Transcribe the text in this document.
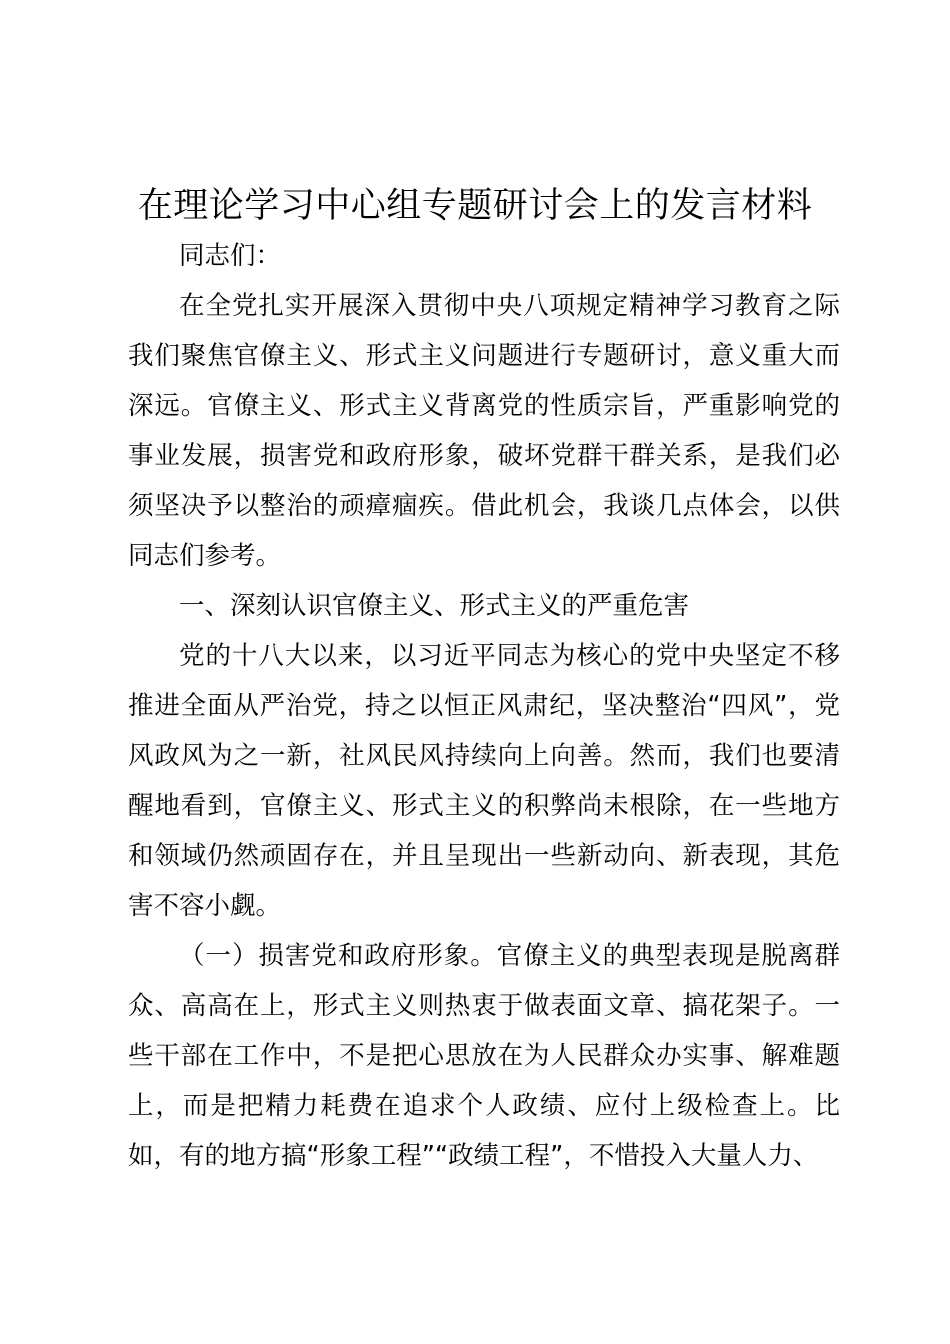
在理论学习中心组专题研讨会上的发言材料

同志们：

在全党扎实开展深入贯彻中央八项规定精神学习教育之际我们聚焦官僚主义、形式主义问题进行专题研讨，意义重大而深远。官僚主义、形式主义背离党的性质宗旨，严重影响党的事业发展，损害党和政府形象，破坏党群干群关系，是我们必须坚决予以整治的顽瘴痼疾。借此机会，我谈几点体会，以供同志们参考。

一、深刻认识官僚主义、形式主义的严重危害

党的十八大以来，以习近平同志为核心的党中央坚定不移推进全面从严治党，持之以恒正风肃纪，坚决整治“四风”，党风政风为之一新，社风民风持续向上向善。然而，我们也要清醒地看到，官僚主义、形式主义的积弊尚未根除，在一些地方和领域仍然顽固存在，并且呈现出一些新动向、新表现，其危害不容小觑。

（一）损害党和政府形象。官僚主义的典型表现是脱离群众、高高在上，形式主义则热衷于做表面文章、搞花架子。一些干部在工作中，不是把心思放在为人民群众办实事、解难题上，而是把精力耗费在追求个人政绩、应付上级检查上。比如，有的地方搞“形象工程”“政绩工程”，不惜投入大量人力、
